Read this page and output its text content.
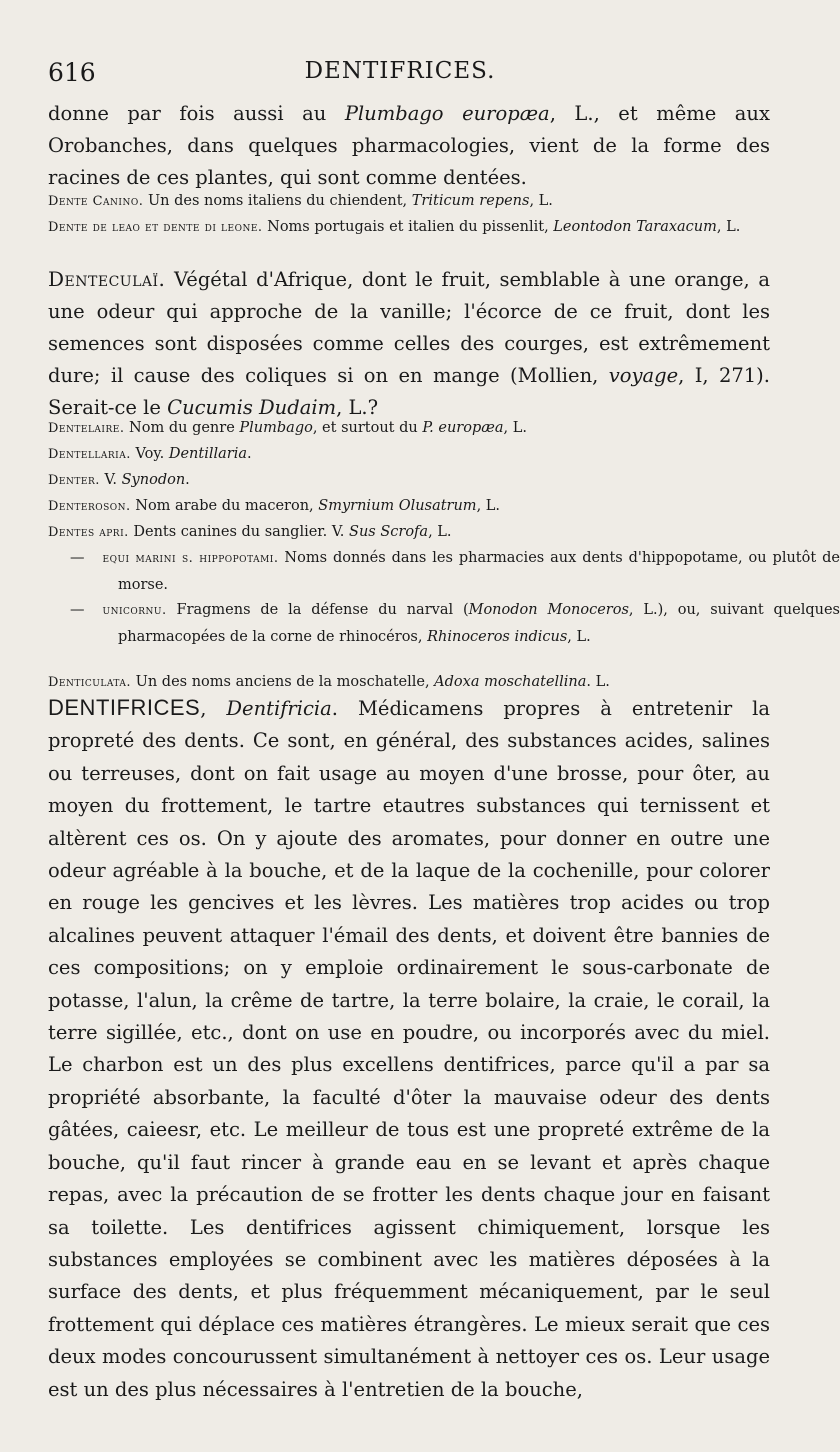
616	DENTIFRICES.
donne par fois aussi au Plumbago europæa, L., et même aux Orobanches, dans quelques pharmacologies, vient de la forme des racines de ces plantes, qui sont comme dentées.
Dente Canino. Un des noms italiens du chiendent, Triticum repens, L.
Dente de leao et dente di leone. Noms portugais et italien du pissenlit, Leontodon Taraxacum, L.
Denteculaï. Végétal d'Afrique, dont le fruit, semblable à une orange, a une odeur qui approche de la vanille; l'écorce de ce fruit, dont les semences sont disposées comme celles des courges, est extrêmement dure; il cause des coliques si on en mange (Mollien, voyage, I, 271). Serait-ce le Cucumis Dudaim, L.?
Dentelaire. Nom du genre Plumbago, et surtout du P. europæa, L.
Dentellaria. Voy. Dentillaria.
Denter. V. Synodon.
Denteroson. Nom arabe du maceron, Smyrnium Olusatrum, L.
Dentes apri. Dents canines du sanglier. V. Sus Scrofa, L.
— equi marini s. hippopotami. Noms donnés dans les pharmacies aux dents d'hippopotame, ou plutôt de morse.
— unicornu. Fragmens de la défense du narval (Monodon Monoceros, L.), ou, suivant quelques pharmacopées de la corne de rhinocéros, Rhinoceros indicus, L.
Denticulata. Un des noms anciens de la moschatelle, Adoxa moschatellina. L.
DENTIFRICES, Dentifricia. Médicamens propres à entretenir la propreté des dents. Ce sont, en général, des substances acides, salines ou terreuses, dont on fait usage au moyen d'une brosse, pour ôter, au moyen du frottement, le tartre etautres substances qui ternissent et altèrent ces os. On y ajoute des aromates, pour donner en outre une odeur agréable à la bouche, et de la laque de la cochenille, pour colorer en rouge les gencives et les lèvres. Les matières trop acides ou trop alcalines peuvent attaquer l'émail des dents, et doivent être bannies de ces compositions; on y emploie ordinairement le sous-carbonate de potasse, l'alun, la crême de tartre, la terre bolaire, la craie, le corail, la terre sigillée, etc., dont on use en poudre, ou incorporés avec du miel. Le charbon est un des plus excellens dentifrices, parce qu'il a par sa propriété absorbante, la faculté d'ôter la mauvaise odeur des dents gâtées, caieesr, etc. Le meilleur de tous est une propreté extrême de la bouche, qu'il faut rincer à grande eau en se levant et après chaque repas, avec la précaution de se frotter les dents chaque jour en faisant sa toilette. Les dentifrices agissent chimiquement, lorsque les substances employées se combinent avec les matières déposées à la surface des dents, et plus fréquemment mécaniquement, par le seul frottement qui déplace ces matières étrangères. Le mieux serait que ces deux modes concourussent simultanément à nettoyer ces os. Leur usage est un des plus nécessaires à l'entretien de la bouche,
